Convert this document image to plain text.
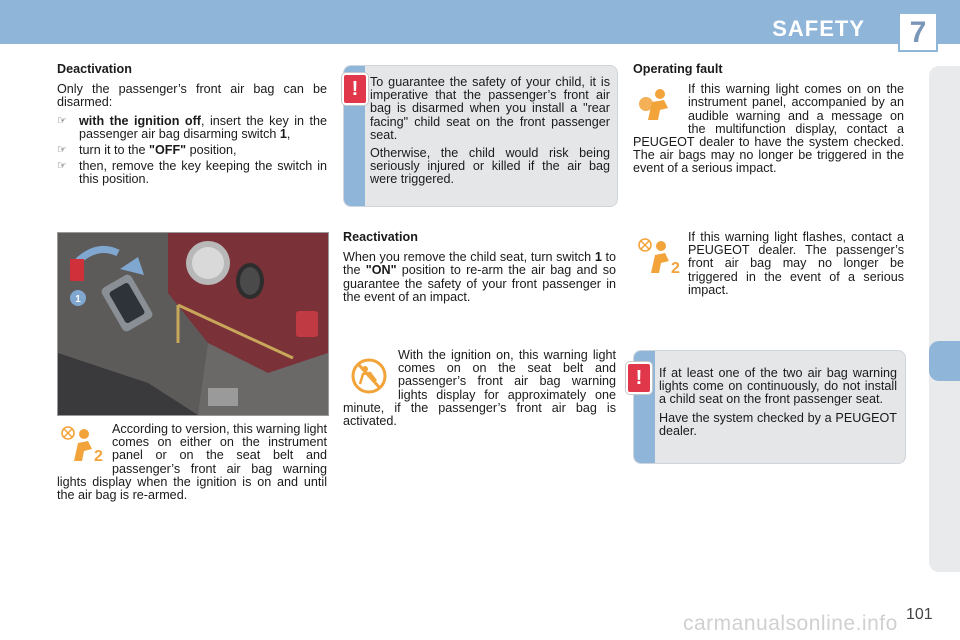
SAFETY	7

Deactivation

Only the passenger’s front air bag can be disarmed:

☞ with the ignition off, insert the key in the passenger air bag disarming switch 1,
☞ turn it to the "OFF" position,
☞ then, remove the key keeping the switch in this position.

To guarantee the safety of your child, it is imperative that the passenger’s front air bag is disarmed when you install a "rear facing" child seat on the front passenger seat.

Otherwise, the child would risk being seriously injured or killed if the air bag were triggered.

!
1
2
According to version, this warning light comes on either on the instrument panel or on the seat belt and passenger’s front air bag warning lights display when the ignition is on and until the air bag is re-armed.

Reactivation

When you remove the child seat, turn switch 1 to the "ON" position to re-arm the air bag and so guarantee the safety of your front passenger in the event of an impact.

With the ignition on, this warning light comes on on the seat belt and passenger’s front air bag warning lights display for approximately one minute, if the passenger’s front air bag is activated.

Operating fault

If this warning light comes on on the instrument panel, accompanied by an audible warning and a message on the multifunction display, contact a PEUGEOT dealer to have the system checked. The air bags may no longer be triggered in the event of a serious impact.

2
If this warning light flashes, contact a PEUGEOT dealer. The passenger’s front air bag may no longer be triggered in the event of a serious impact.

If at least one of the two air bag warning lights come on continuously, do not install a child seat on the front passenger seat.

Have the system checked by a PEUGEOT dealer.

!
101
carmanualsonline.info
